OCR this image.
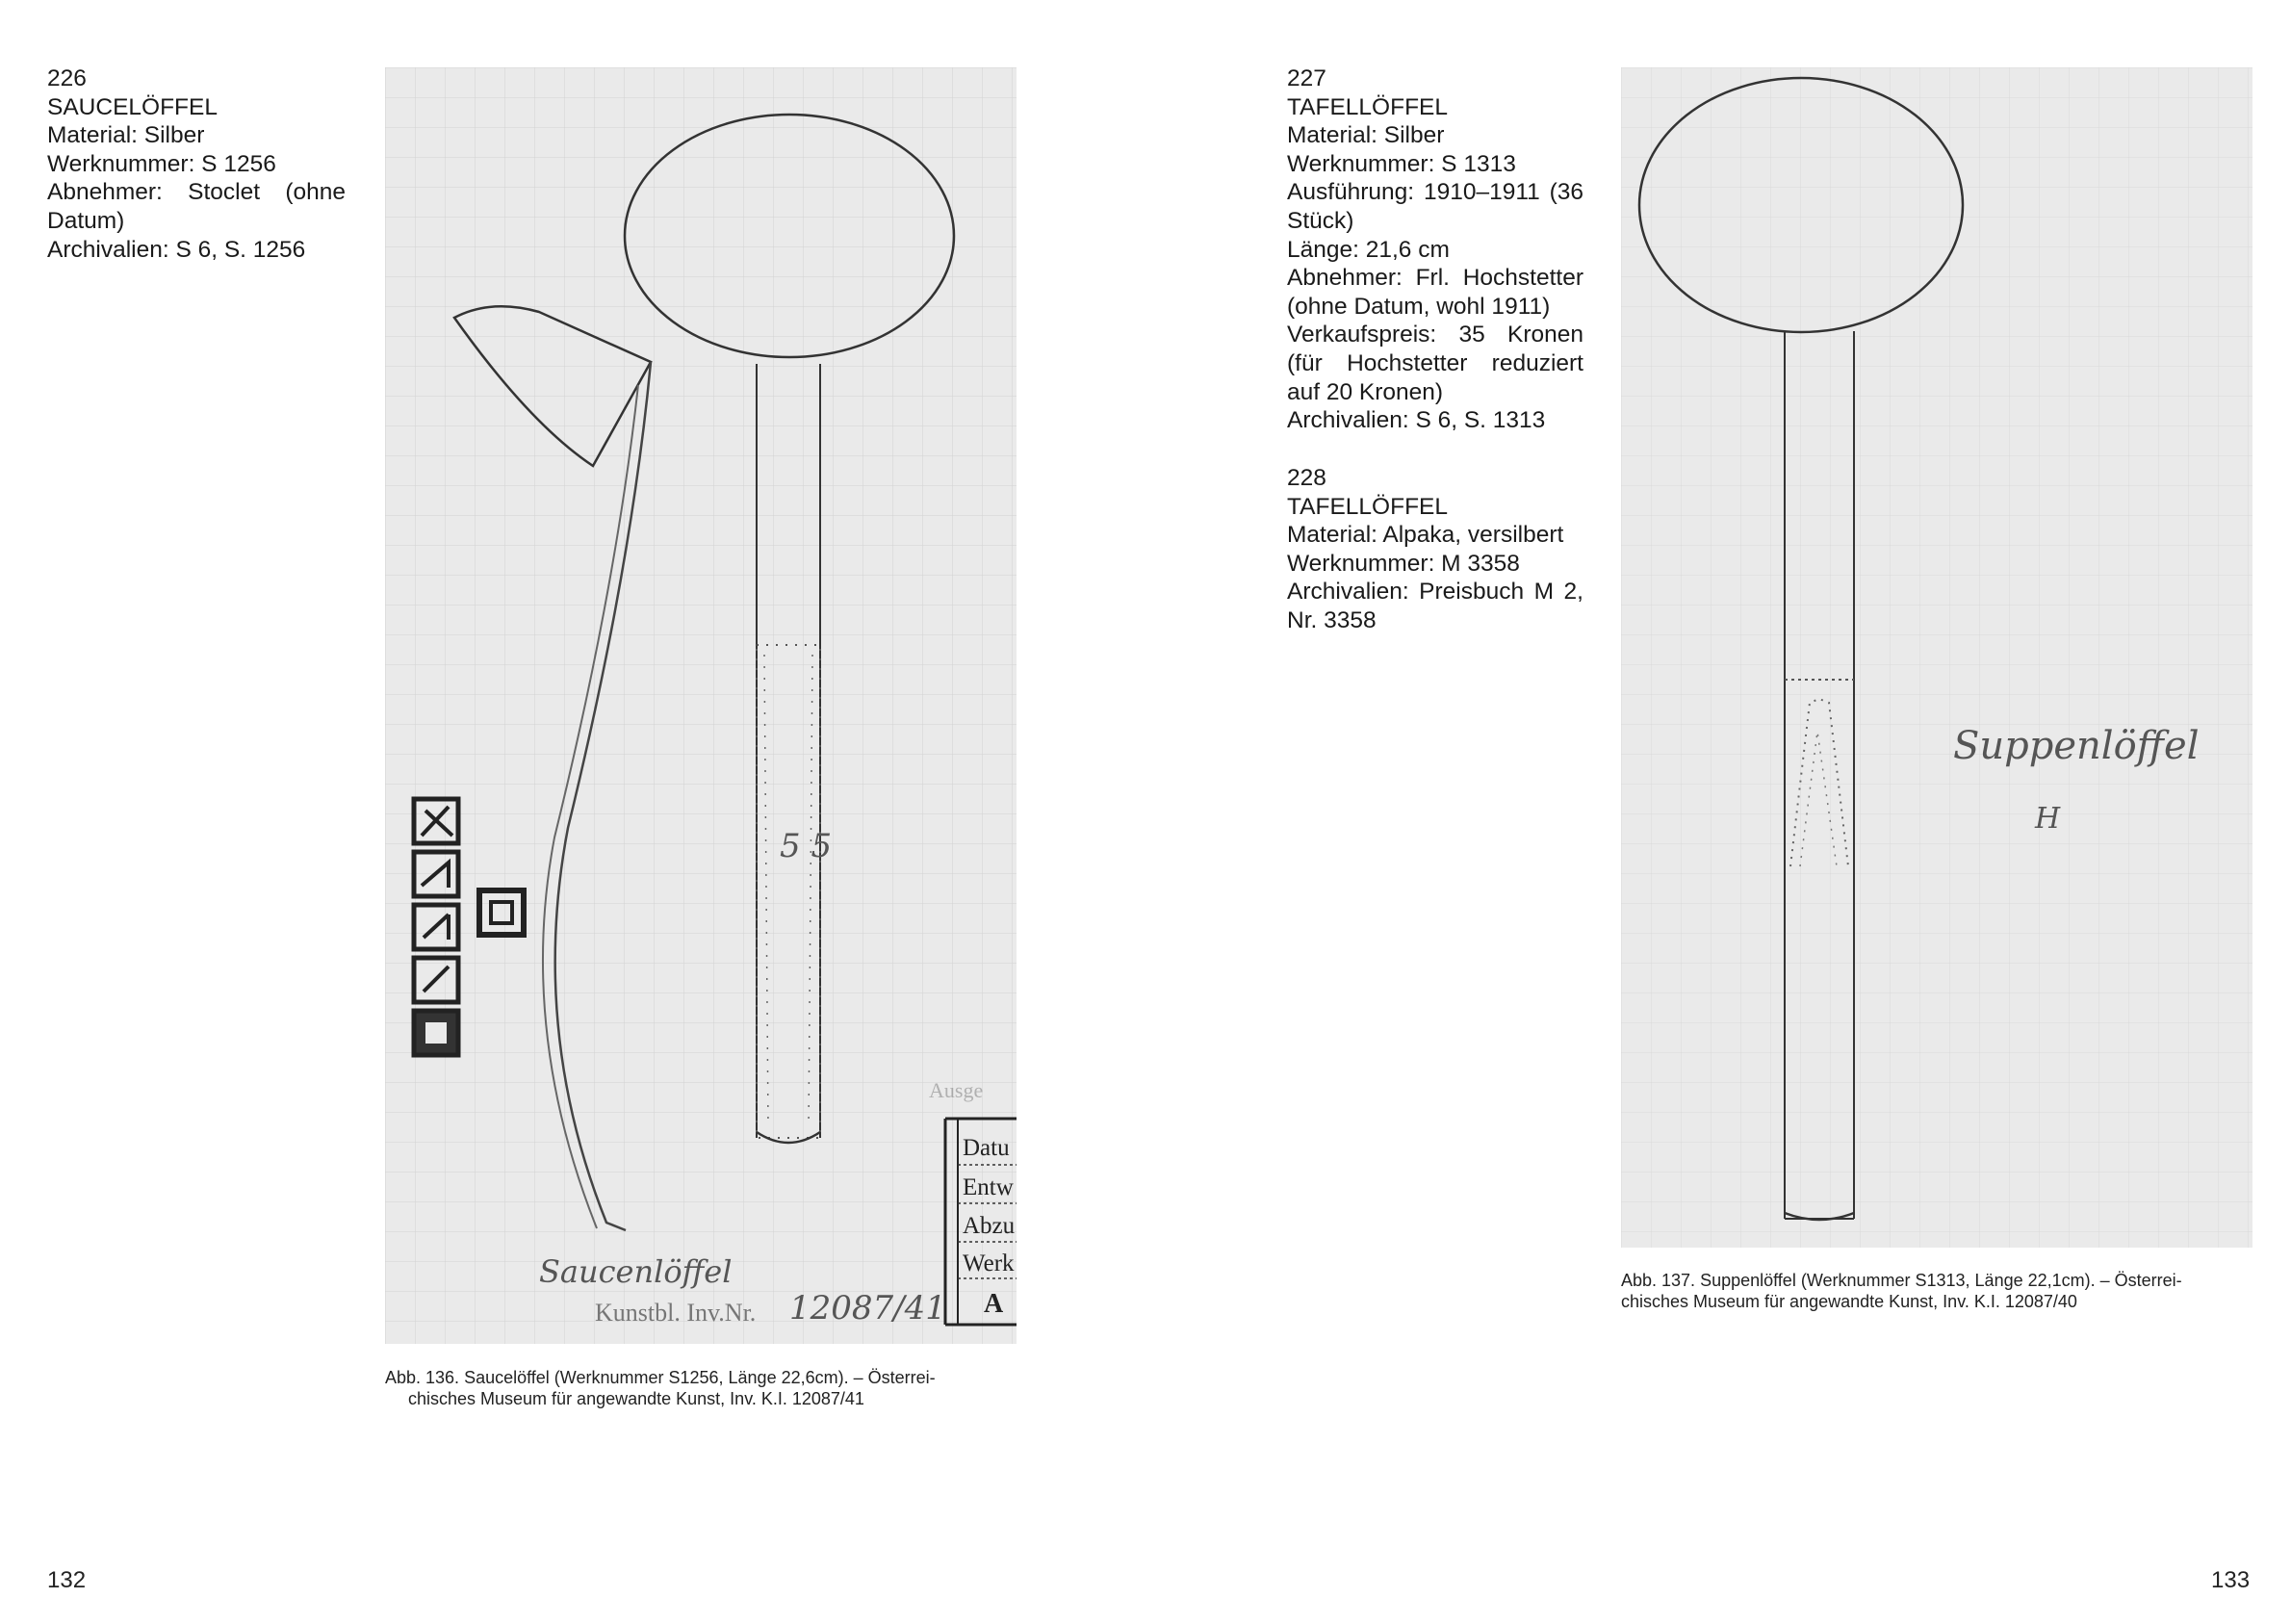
226
SAUCELÖFFEL
Material: Silber
Werknummer: S 1256
Abnehmer: Stoclet (ohne
Datum)
Archivalien: S 6, S. 1256
5 5
Ausge
Saucenlöffel
Kunstbl. Inv.Nr. 12087/41
Datu
Entw
Abzu
Werk
A
Abb. 136. Saucelöffel (Werknummer S1256, Länge 22,6cm). – Österrei-
chisches Museum für angewandte Kunst, Inv. K.I. 12087/41
132
227
TAFELLÖFFEL
Material: Silber
Werknummer: S 1313
Ausführung: 1910–1911 (36
Stück)
Länge: 21,6 cm
Abnehmer: Frl. Hochstetter
(ohne Datum, wohl 1911)
Verkaufspreis: 35 Kronen
(für Hochstetter reduziert
auf 20 Kronen)
Archivalien: S 6, S. 1313
228
TAFELLÖFFEL
Material: Alpaka, versilbert
Werknummer: M 3358
Archivalien: Preisbuch M 2,
Nr. 3358
Suppenlöffel
H
Abb. 137. Suppenlöffel (Werknummer S1313, Länge 22,1cm). – Österrei-
chisches Museum für angewandte Kunst, Inv. K.I. 12087/40
133
